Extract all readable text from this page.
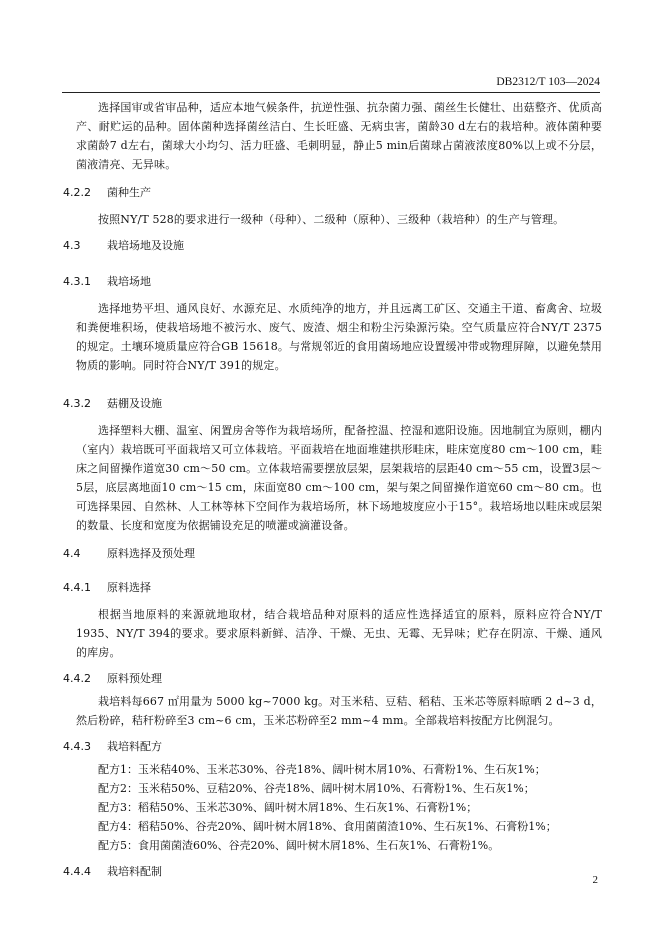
DB2312/T 103—2024

选择国审或省审品种，适应本地气候条件，抗逆性强、抗杂菌力强、菌丝生长健壮、出菇整齐、优质高产、耐贮运的品种。固体菌种选择菌丝洁白、生长旺盛、无病虫害，菌龄30 d左右的栽培种。液体菌种要求菌龄7 d左右，菌球大小均匀、活力旺盛、毛刺明显，静止5 min后菌球占菌液浓度80%以上或不分层，菌液清亮、无异味。

4.2.2 菌种生产

按照NY/T 528的要求进行一级种（母种）、二级种（原种）、三级种（栽培种）的生产与管理。

4.3 栽培场地及设施

4.3.1 栽培场地

选择地势平坦、通风良好、水源充足、水质纯净的地方，并且远离工矿区、交通主干道、畜禽舍、垃圾和粪便堆积场，使栽培场地不被污水、废气、废渣、烟尘和粉尘污染源污染。空气质量应符合NY/T 2375的规定。土壤环境质量应符合GB 15618。与常规邻近的食用菌场地应设置缓冲带或物理屏障，以避免禁用物质的影响。同时符合NY/T 391的规定。

4.3.2 菇棚及设施

选择塑料大棚、温室、闲置房舍等作为栽培场所，配备控温、控湿和遮阳设施。因地制宜为原则，棚内（室内）栽培既可平面栽培又可立体栽培。平面栽培在地面堆建拱形畦床，畦床宽度80 cm～100 cm，畦床之间留操作道宽30 cm～50 cm。立体栽培需要摆放层架，层架栽培的层距40 cm～55 cm，设置3层～5层，底层离地面10 cm～15 cm，床面宽80 cm～100 cm，架与架之间留操作道宽60 cm～80 cm。也可选择果园、自然林、人工林等林下空间作为栽培场所，林下场地坡度应小于15°。栽培场地以畦床或层架的数量、长度和宽度为依据铺设充足的喷灌或滴灌设备。

4.4 原料选择及预处理

4.4.1 原料选择

根据当地原料的来源就地取材，结合栽培品种对原料的适应性选择适宜的原料，原料应符合NY/T 1935、NY/T 394的要求。要求原料新鲜、洁净、干燥、无虫、无霉、无异味；贮存在阴凉、干燥、通风的库房。

4.4.2 原料预处理

栽培料每667 ㎡用量为 5000 kg~7000 kg。对玉米秸、豆秸、稻秸、玉米芯等原料晾晒 2 d~3 d，然后粉碎，秸秆粉碎至3 cm~6 cm，玉米芯粉碎至2 mm~4 mm。全部栽培料按配方比例混匀。

4.4.3 栽培料配方

配方1：玉米秸40%、玉米芯30%、谷壳18%、阔叶树木屑10%、石膏粉1%、生石灰1%；

配方2：玉米秸50%、豆秸20%、谷壳18%、阔叶树木屑10%、石膏粉1%、生石灰1%；

配方3：稻秸50%、玉米芯30%、阔叶树木屑18%、生石灰1%、石膏粉1%；

配方4：稻秸50%、谷壳20%、阔叶树木屑18%、食用菌菌渣10%、生石灰1%、石膏粉1%；

配方5：食用菌菌渣60%、谷壳20%、阔叶树木屑18%、生石灰1%、石膏粉1%。

4.4.4 栽培料配制

2
